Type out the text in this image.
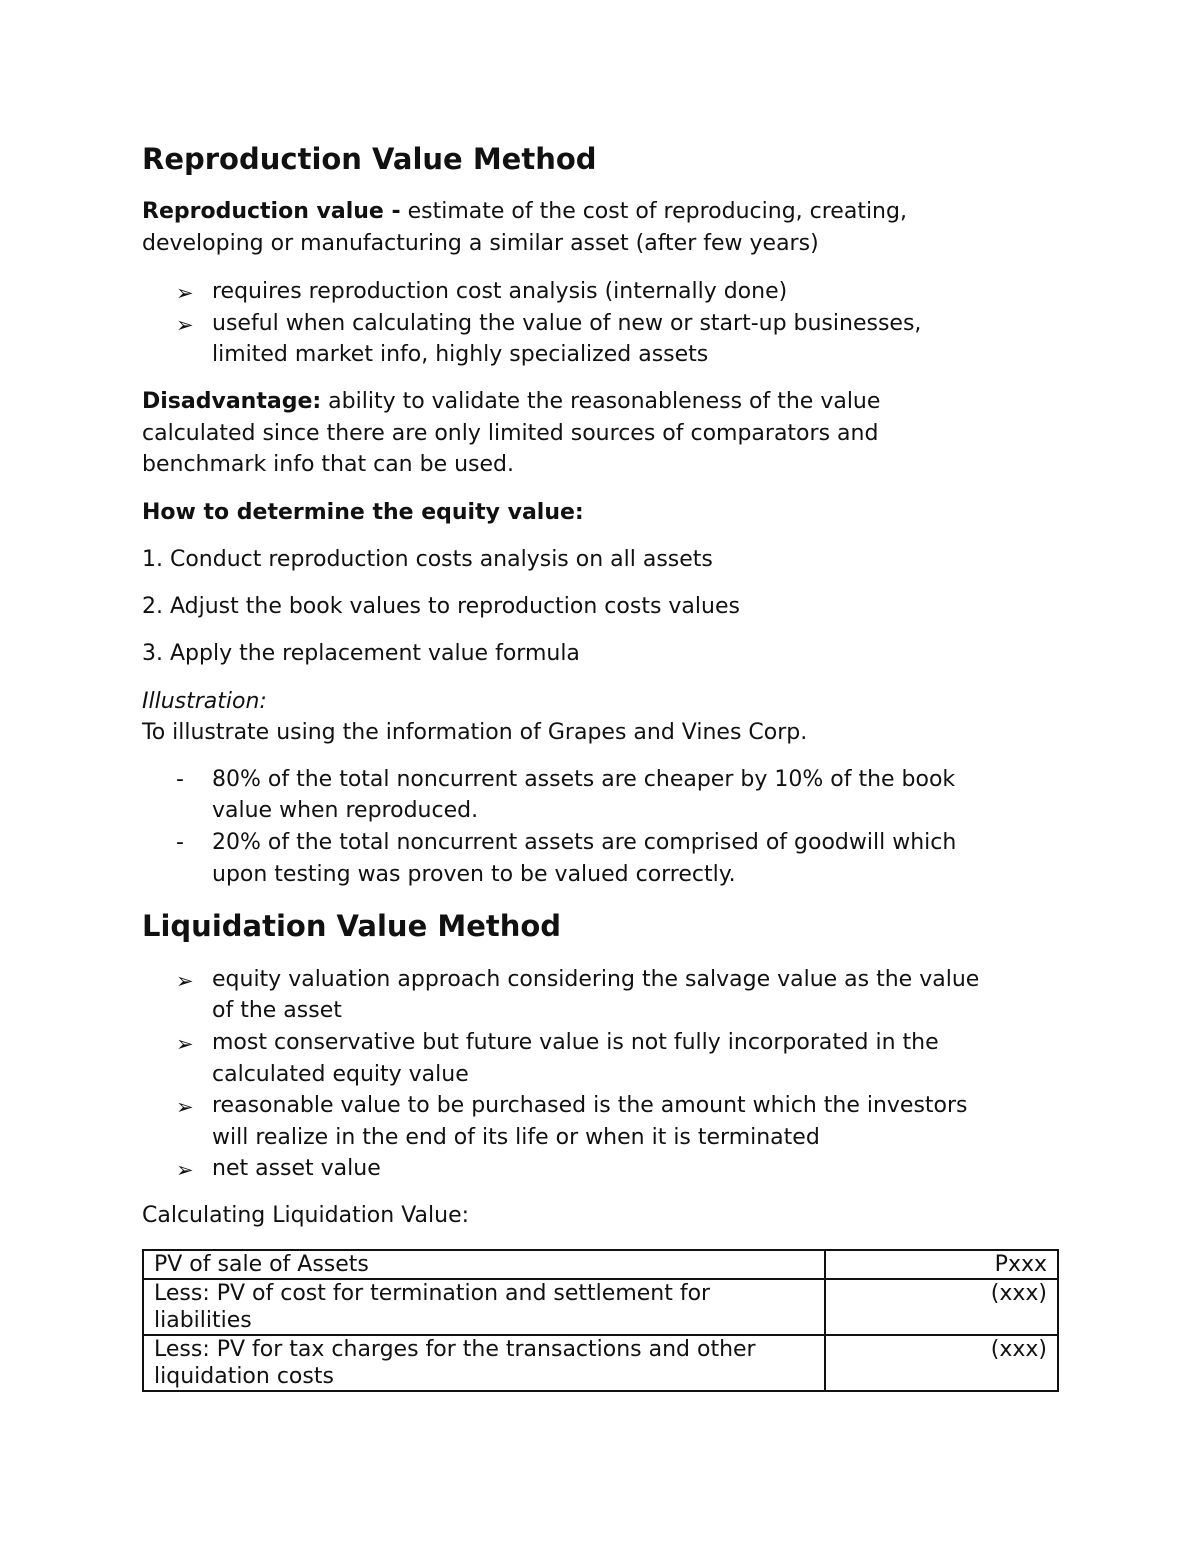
Reproduction Value Method
Reproduction value - estimate of the cost of reproducing, creating,
developing or manufacturing a similar asset (after few years)
➢ requires reproduction cost analysis (internally done)
➢ useful when calculating the value of new or start-up businesses,
limited market info, highly specialized assets
Disadvantage: ability to validate the reasonableness of the value
calculated since there are only limited sources of comparators and
benchmark info that can be used.
How to determine the equity value:
1. Conduct reproduction costs analysis on all assets
2. Adjust the book values to reproduction costs values
3. Apply the replacement value formula
Illustration:
To illustrate using the information of Grapes and Vines Corp.
- 80% of the total noncurrent assets are cheaper by 10% of the book
value when reproduced.
- 20% of the total noncurrent assets are comprised of goodwill which
upon testing was proven to be valued correctly.
Liquidation Value Method
➢ equity valuation approach considering the salvage value as the value
of the asset
➢ most conservative but future value is not fully incorporated in the
calculated equity value
➢ reasonable value to be purchased is the amount which the investors
will realize in the end of its life or when it is terminated
➢ net asset value
Calculating Liquidation Value:
PV of sale of Assets	Pxxx
Less: PV of cost for termination and settlement for liabilities	(xxx)
Less: PV for tax charges for the transactions and other liquidation costs	(xxx)
